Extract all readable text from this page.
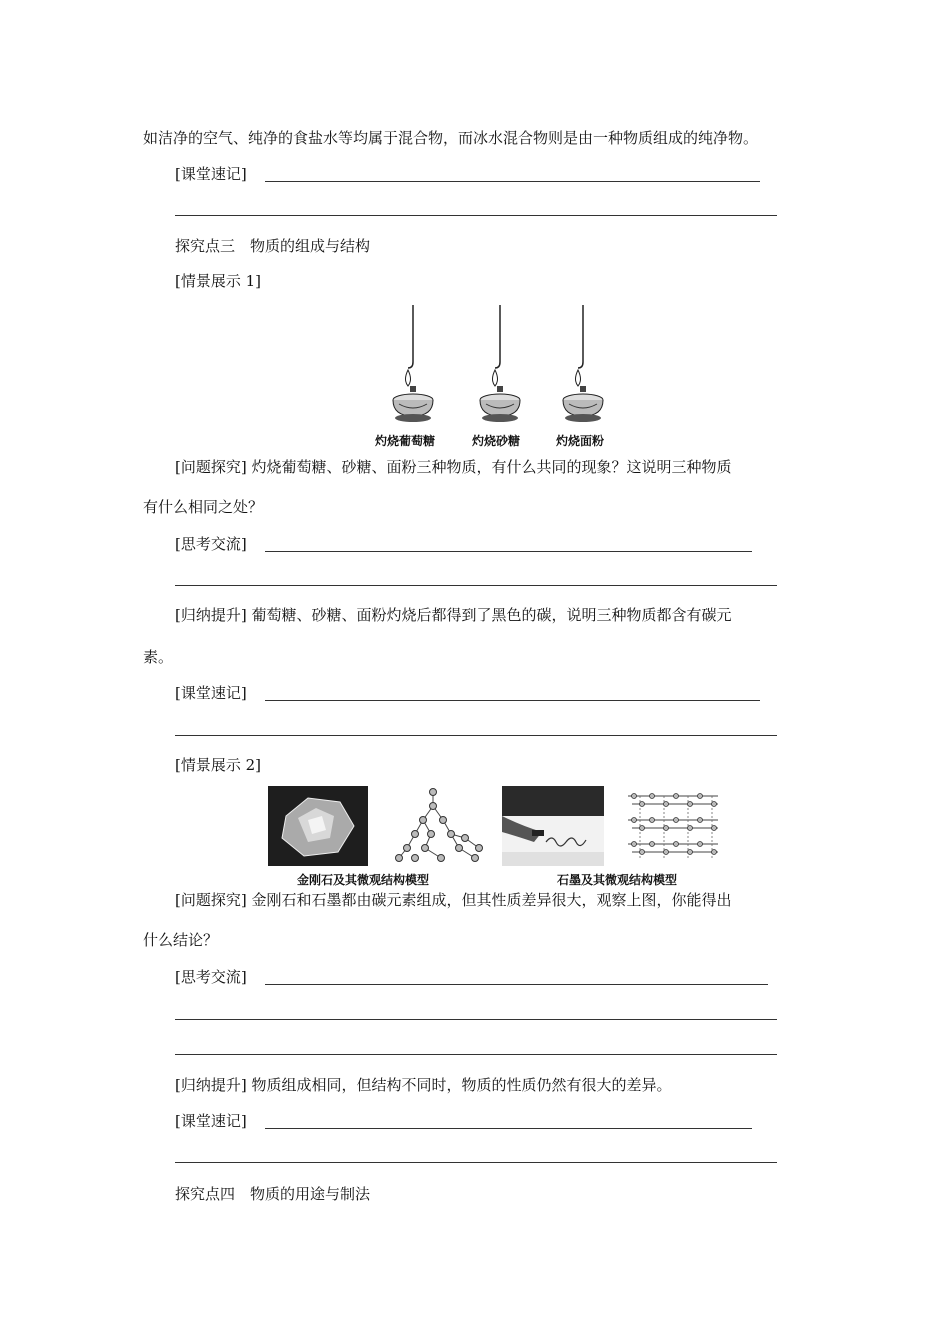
如洁净的空气、纯净的食盐水等均属于混合物，而冰水混合物则是由一种物质组成的纯净物。
[课堂速记]
探究点三　物质的组成与结构
[情景展示 1]
灼烧葡萄糖	灼烧砂糖	灼烧面粉
[问题探究] 灼烧葡萄糖、砂糖、面粉三种物质，有什么共同的现象？这说明三种物质
有什么相同之处？
[思考交流]
[归纳提升] 葡萄糖、砂糖、面粉灼烧后都得到了黑色的碳，说明三种物质都含有碳元
素。
[课堂速记]
[情景展示 2]
金刚石及其微观结构模型	石墨及其微观结构模型
[问题探究] 金刚石和石墨都由碳元素组成，但其性质差异很大，观察上图，你能得出
什么结论？
[思考交流]
[归纳提升] 物质组成相同，但结构不同时，物质的性质仍然有很大的差异。
[课堂速记]
探究点四　物质的用途与制法
